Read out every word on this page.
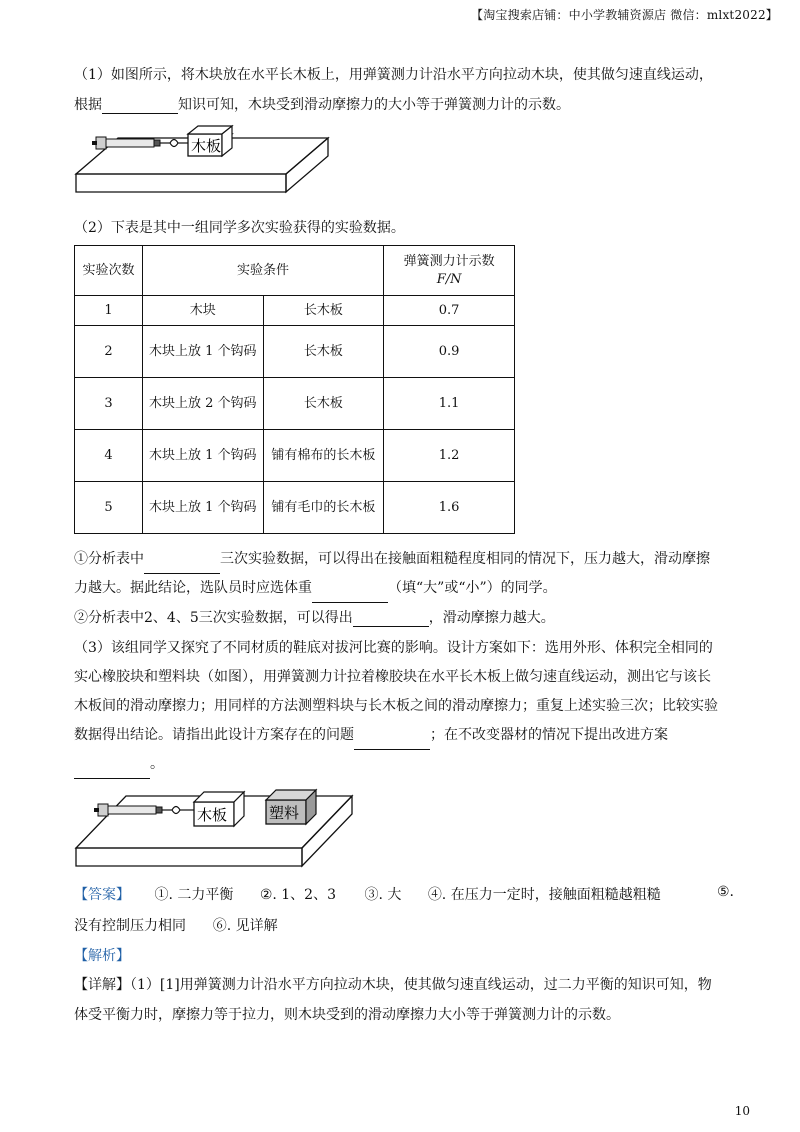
【淘宝搜索店铺：中小学教辅资源店 微信：mlxt2022】
（1）如图所示，将木块放在水平长木板上，用弹簧测力计沿水平方向拉动木块，使其做匀速直线运动，
根据	知识可知，木块受到滑动摩擦力的大小等于弹簧测力计的示数。
木板
（2）下表是其中一组同学多次实验获得的实验数据。
实验次数	实验条件		弹簧测力计示数
F/N

1	木块	长木板	0.7
2	木块上放 1 个钩码	长木板	0.9
3	木块上放 2 个钩码	长木板	1.1
4	木块上放 1 个钩码	铺有棉布的长木板	1.2
5	木块上放 1 个钩码	铺有毛巾的长木板	1.6
①分析表中	三次实验数据，可以得出在接触面粗糙程度相同的情况下，压力越大，滑动摩擦
力越大。据此结论，选队员时应选体重	（填“大”或“小”）的同学。
②分析表中2、4、5三次实验数据，可以得出	，滑动摩擦力越大。
（3）该组同学又探究了不同材质的鞋底对拔河比赛的影响。设计方案如下：选用外形、体积完全相同的
实心橡胶块和塑料块（如图），用弹簧测力计拉着橡胶块在水平长木板上做匀速直线运动，测出它与该长
木板间的滑动摩擦力；用同样的方法测塑料块与长木板之间的滑动摩擦力；重复上述实验三次；比较实验
数据得出结论。请指出此设计方案存在的问题	；在不改变器材的情况下提出改进方案
。
木板	塑料
【答案】 ①. 二力平衡 ②. 1、2、3 ③. 大 ④. 在压力一定时，接触面粗糙越粗糙	⑤.
没有控制压力相同      ⑥. 见详解
【解析】
【详解】（1）[1]用弹簧测力计沿水平方向拉动木块，使其做匀速直线运动，过二力平衡的知识可知，物
体受平衡力时，摩擦力等于拉力，则木块受到的滑动摩擦力大小等于弹簧测力计的示数。
10
